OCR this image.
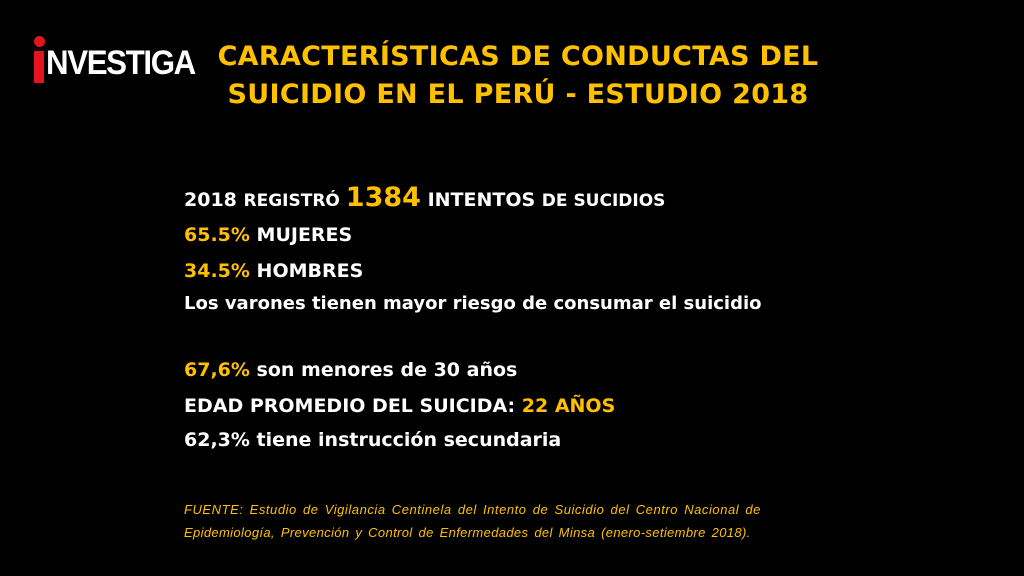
NVESTIGA CARACTERÍSTICAS DE CONDUCTAS DEL
SUICIDIO EN EL PERÚ - ESTUDIO 2018
2018 REGISTRÓ 1384 INTENTOS DE SUCIDIOS
65.5% MUJERES
34.5% HOMBRES
Los varones tienen mayor riesgo de consumar el suicidio
67,6% son menores de 30 años
EDAD PROMEDIO DEL SUICIDA: 22 AÑOS
62,3% tiene instrucción secundaria
FUENTE: Estudio de Vigilancia Centinela del Intento de Suicidio del Centro Nacional de
Epidemiología, Prevención y Control de Enfermedades del Minsa (enero-setiembre 2018).
